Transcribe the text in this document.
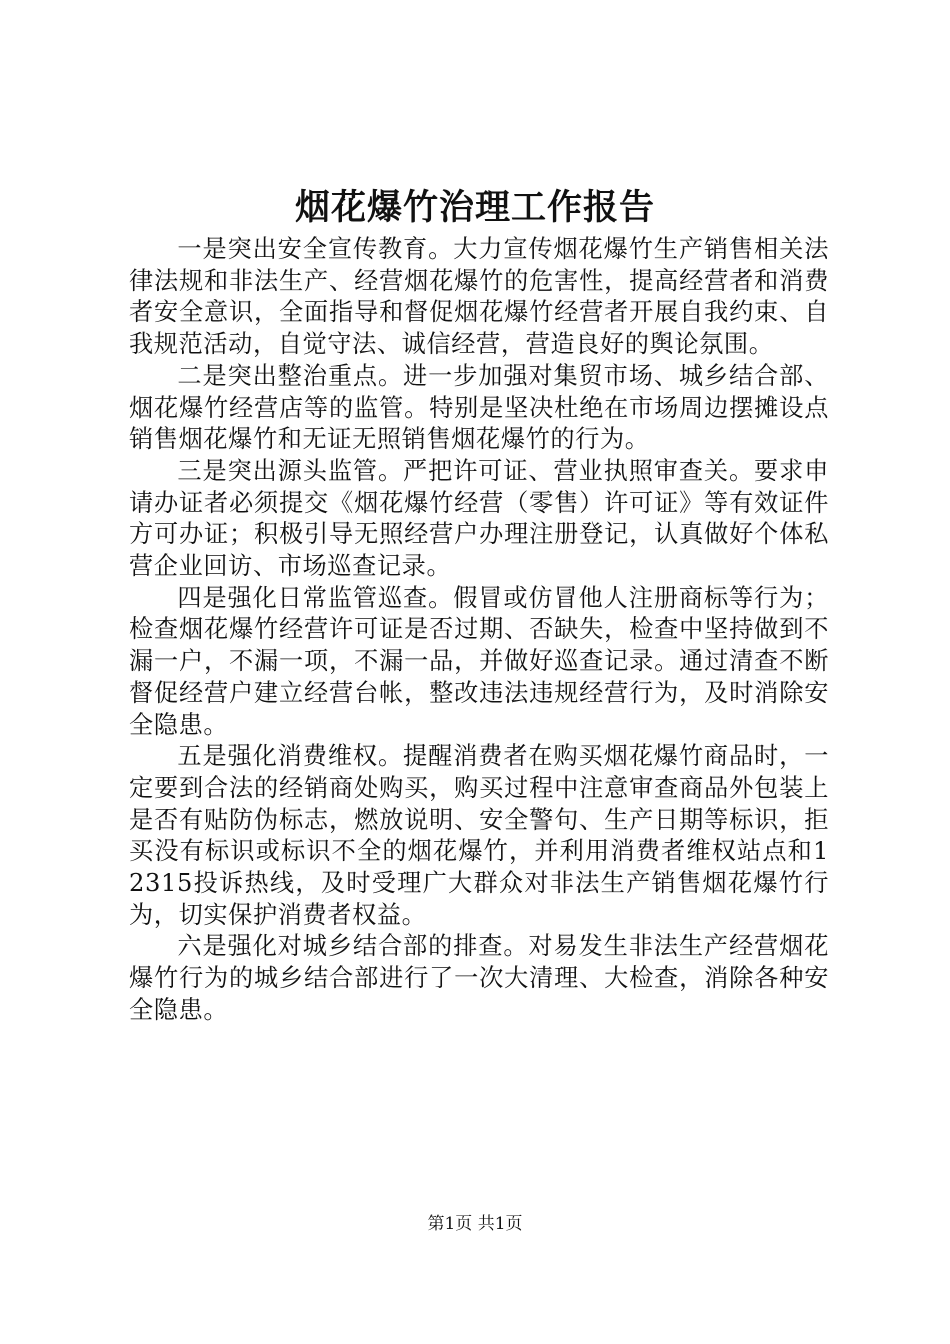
烟花爆竹治理工作报告

一是突出安全宣传教育。大力宣传烟花爆竹生产销售相关法律法规和非法生产、经营烟花爆竹的危害性，提高经营者和消费者安全意识，全面指导和督促烟花爆竹经营者开展自我约束、自我规范活动，自觉守法、诚信经营，营造良好的舆论氛围。

二是突出整治重点。进一步加强对集贸市场、城乡结合部、烟花爆竹经营店等的监管。特别是坚决杜绝在市场周边摆摊设点销售烟花爆竹和无证无照销售烟花爆竹的行为。

三是突出源头监管。严把许可证、营业执照审查关。要求申请办证者必须提交《烟花爆竹经营（零售）许可证》等有效证件方可办证；积极引导无照经营户办理注册登记，认真做好个体私营企业回访、市场巡查记录。

四是强化日常监管巡查。假冒或仿冒他人注册商标等行为；检查烟花爆竹经营许可证是否过期、否缺失，检查中坚持做到不漏一户，不漏一项，不漏一品，并做好巡查记录。通过清查不断督促经营户建立经营台帐，整改违法违规经营行为，及时消除安全隐患。

五是强化消费维权。提醒消费者在购买烟花爆竹商品时，一定要到合法的经销商处购买，购买过程中注意审查商品外包装上是否有贴防伪标志，燃放说明、安全警句、生产日期等标识，拒买没有标识或标识不全的烟花爆竹，并利用消费者维权站点和12315投诉热线，及时受理广大群众对非法生产销售烟花爆竹行为，切实保护消费者权益。

六是强化对城乡结合部的排查。对易发生非法生产经营烟花爆竹行为的城乡结合部进行了一次大清理、大检查，消除各种安全隐患。

第1页 共1页
